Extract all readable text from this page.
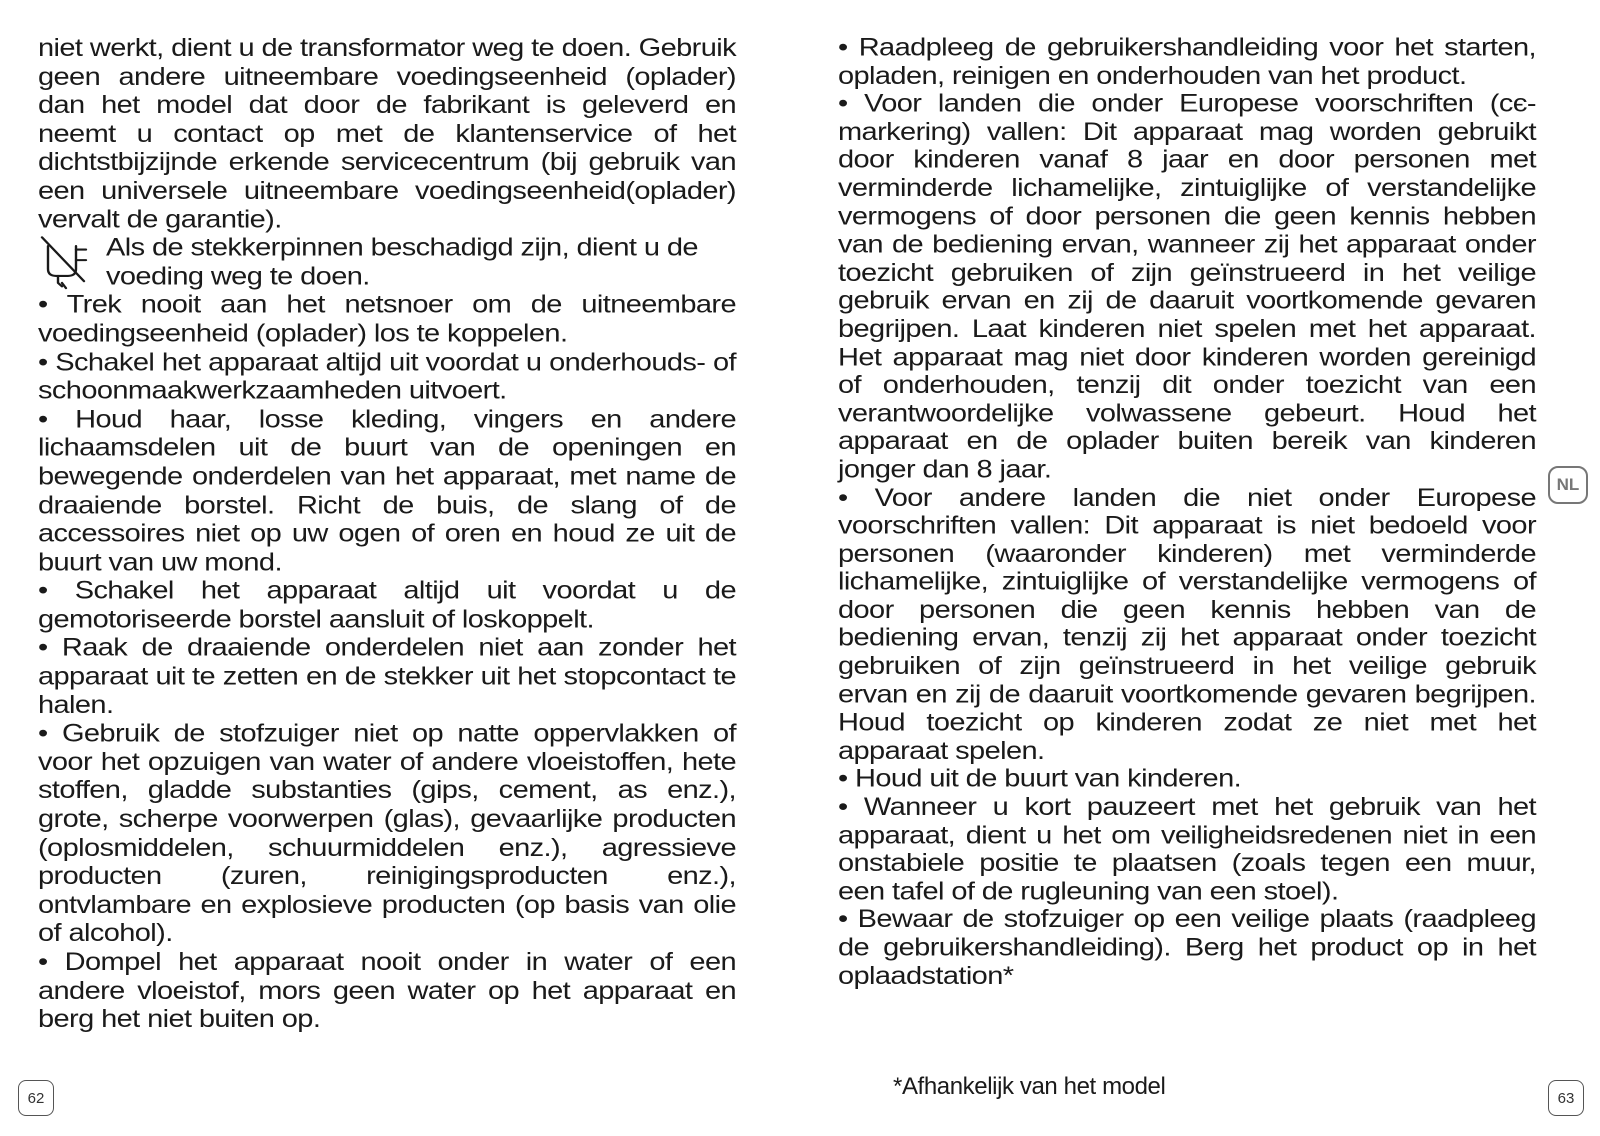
niet werkt, dient u de transformator weg te doen. Gebruik geen andere uitneembare voedingseenheid (oplader) dan het model dat door de fabrikant is geleverd en neemt u contact op met de klantenservice of het dichtstbijzijnde erkende servicecentrum (bij gebruik van een universele uitneembare voedingseenheid(oplader) vervalt de garantie).

Als de stekkerpinnen beschadigd zijn, dient u de voeding weg te doen.

• Trek nooit aan het netsnoer om de uitneembare voedingseenheid (oplader) los te koppelen.

• Schakel het apparaat altijd uit voordat u onderhouds- of schoonmaakwerkzaamheden uitvoert.

• Houd haar, losse kleding, vingers en andere lichaamsdelen uit de buurt van de openingen en bewegende onderdelen van het apparaat, met name de draaiende borstel. Richt de buis, de slang of de accessoires niet op uw ogen of oren en houd ze uit de buurt van uw mond.

• Schakel het apparaat altijd uit voordat u de gemotoriseerde borstel aansluit of loskoppelt.

• Raak de draaiende onderdelen niet aan zonder het apparaat uit te zetten en de stekker uit het stopcontact te halen.

• Gebruik de stofzuiger niet op natte oppervlakken of voor het opzuigen van water of andere vloeistoffen, hete stoffen, gladde substanties (gips, cement, as enz.), grote, scherpe voorwerpen (glas), gevaarlijke producten (oplosmiddelen, schuurmiddelen enz.), agressieve producten (zuren, reinigingsproducten enz.), ontvlambare en explosieve producten (op basis van olie of alcohol).

• Dompel het apparaat nooit onder in water of een andere vloeistof, mors geen water op het apparaat en berg het niet buiten op.

• Raadpleeg de gebruikershandleiding voor het starten, opladen, reinigen en onderhouden van het product.

• Voor landen die onder Europese voorschriften (cє-markering) vallen: Dit apparaat mag worden gebruikt door kinderen vanaf 8 jaar en door personen met verminderde lichamelijke, zintuiglijke of verstandelijke vermogens of door personen die geen kennis hebben van de bediening ervan, wanneer zij het apparaat onder toezicht gebruiken of zijn geïnstrueerd in het veilige gebruik ervan en zij de daaruit voortkomende gevaren begrijpen. Laat kinderen niet spelen met het apparaat. Het apparaat mag niet door kinderen worden gereinigd of onderhouden, tenzij dit onder toezicht van een verantwoordelijke volwassene gebeurt. Houd het apparaat en de oplader buiten bereik van kinderen jonger dan 8 jaar.

• Voor andere landen die niet onder Europese voorschriften vallen: Dit apparaat is niet bedoeld voor personen (waaronder kinderen) met verminderde lichamelijke, zintuiglijke of verstandelijke vermogens of door personen die geen kennis hebben van de bediening ervan, tenzij zij het apparaat onder toezicht gebruiken of zijn geïnstrueerd in het veilige gebruik ervan en zij de daaruit voortkomende gevaren begrijpen. Houd toezicht op kinderen zodat ze niet met het apparaat spelen.

• Houd uit de buurt van kinderen.

• Wanneer u kort pauzeert met het gebruik van het apparaat, dient u het om veiligheidsredenen niet in een onstabiele positie te plaatsen (zoals tegen een muur, een tafel of de rugleuning van een stoel).

• Bewaar de stofzuiger op een veilige plaats (raadpleeg de gebruikershandleiding). Berg het product op in het oplaadstation*

*Afhankelijk van het model
62	63
NL
